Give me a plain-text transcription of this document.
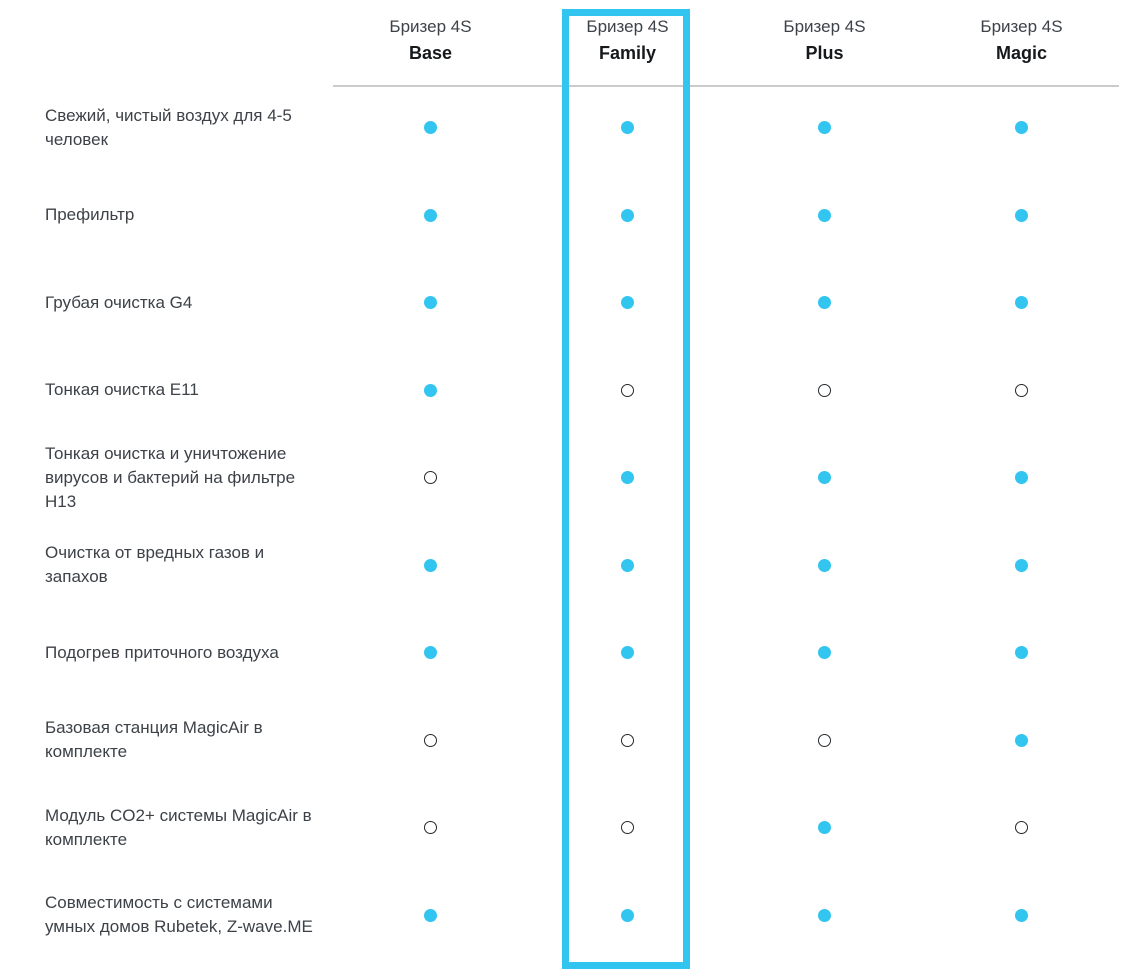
Бризер 4S
Base
Бризер 4S
Family
Бризер 4S
Plus
Бризер 4S
Magic
Свежий, чистый воздух для 4-5 человек
Префильтр
Грубая очистка G4
Тонкая очистка E11
Тонкая очистка и уничтожение вирусов и бактерий на фильтре H13
Очистка от вредных газов и запахов
Подогрев приточного воздуха
Базовая станция MagicAir в комплекте
Модуль CO2+ системы MagicAir в комплекте
Совместимость с системами умных домов Rubetek, Z-wave.ME
